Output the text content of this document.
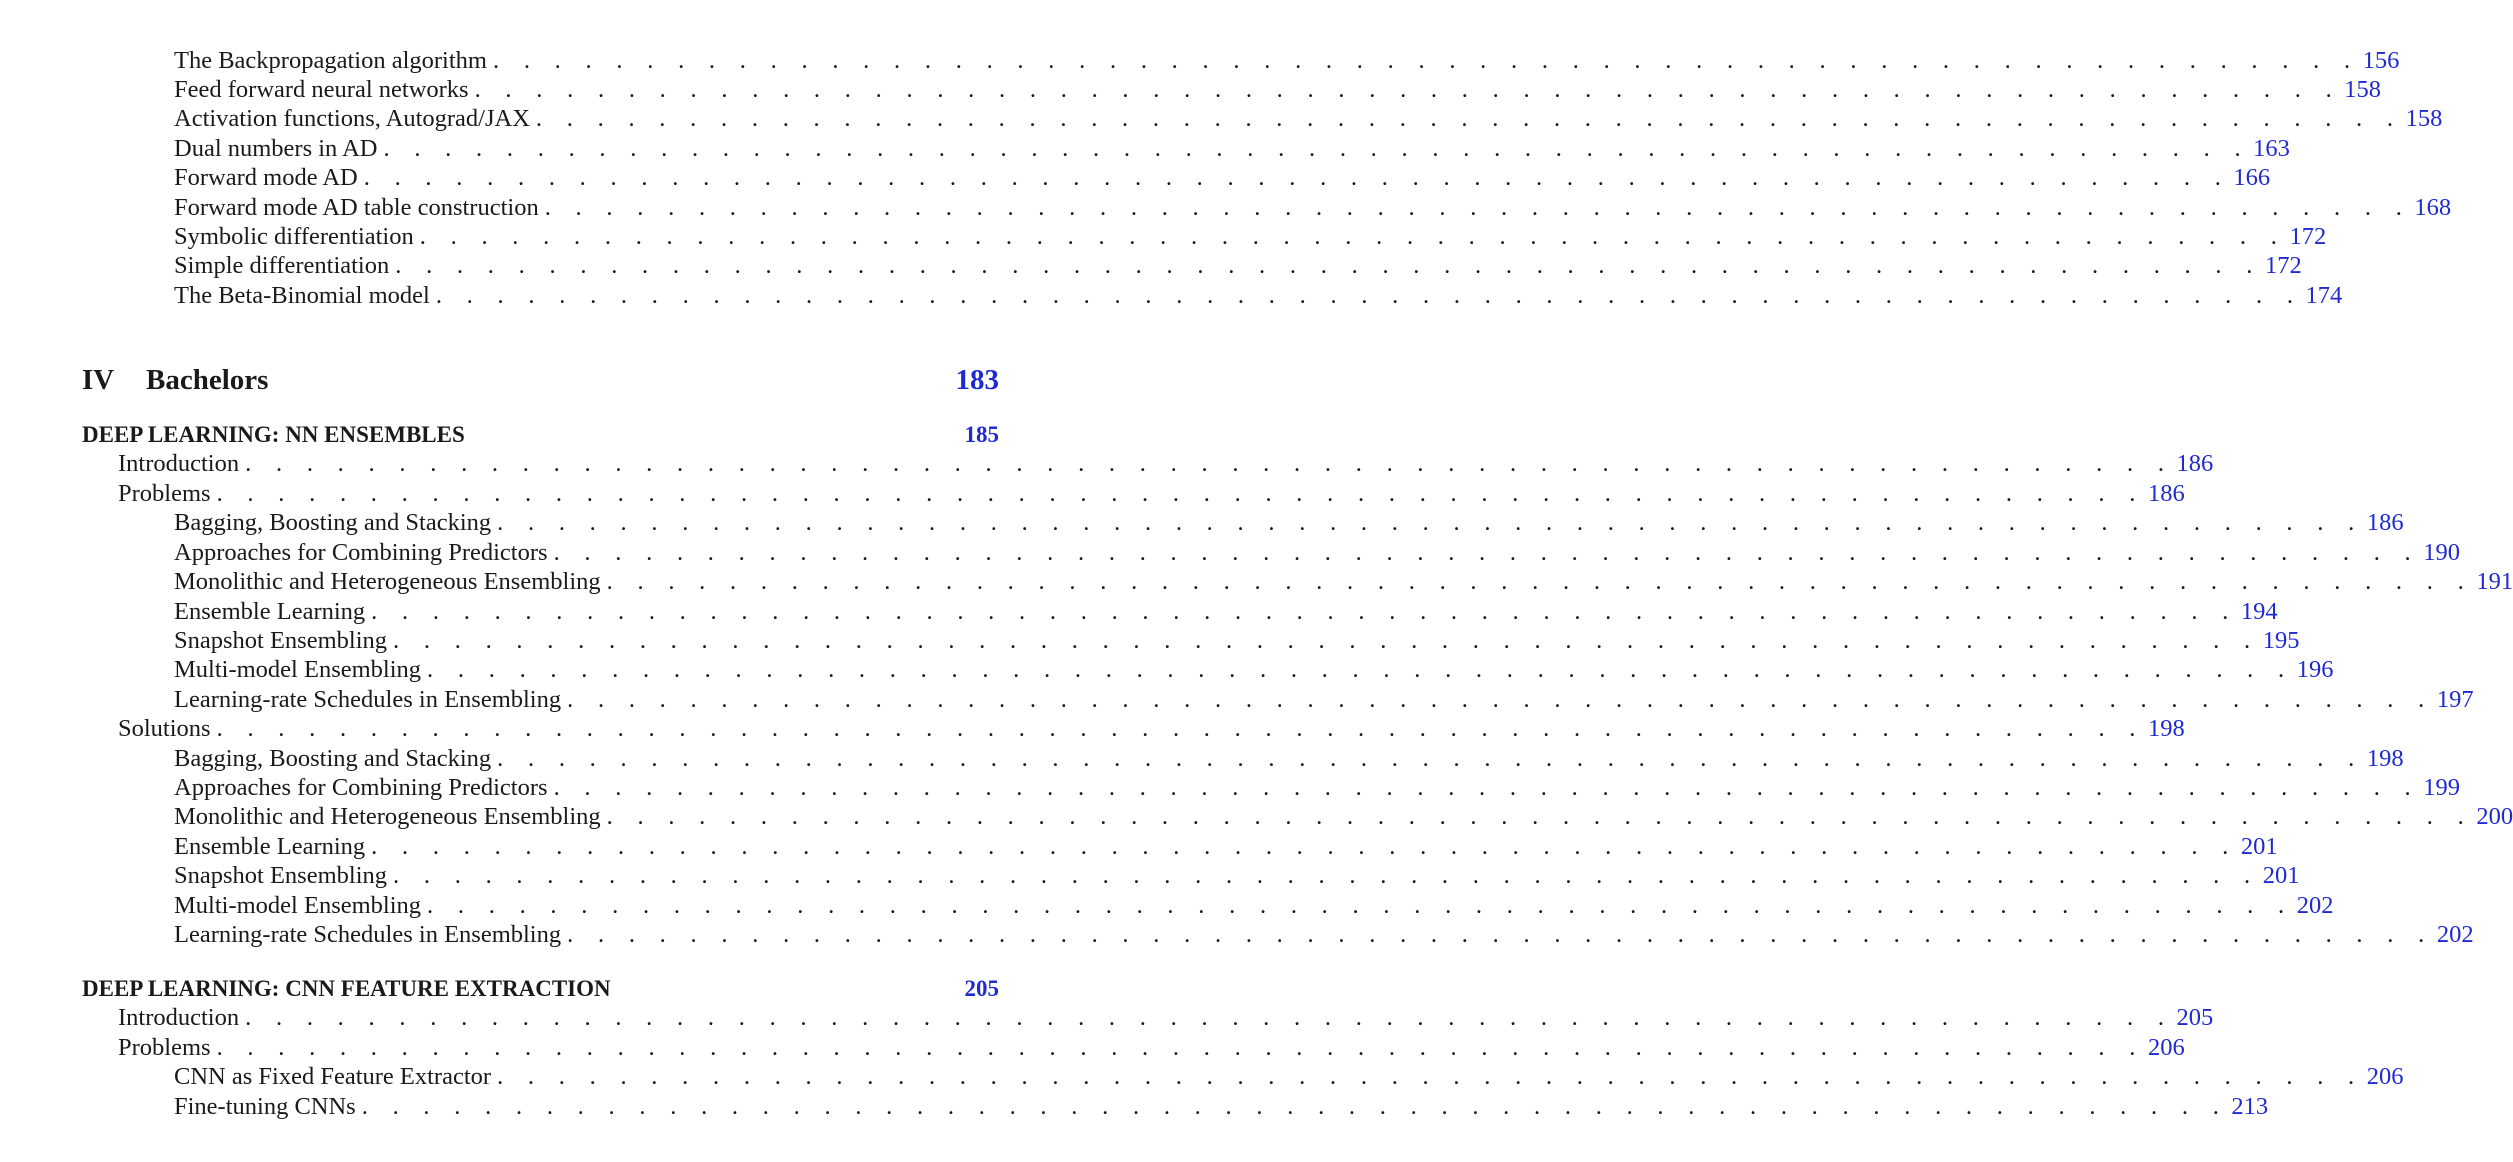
The Backpropagation algorithm . . . . . . . . . . . . . . . . . . . . . . . . . . . . . . . . . . . . . . . . . . . . . . . . . . . . . . . . . . . . . 156
Feed forward neural networks . . . . . . . . . . . . . . . . . . . . . . . . . . . . . . . . . . . . . . . . . . . . . . . . . . . . . . . . . . . . . 158
Activation functions, Autograd/JAX . . . . . . . . . . . . . . . . . . . . . . . . . . . . . . . . . . . . . . . . . . . . . . . . . . . . . . . . . . . . . 158
Dual numbers in AD . . . . . . . . . . . . . . . . . . . . . . . . . . . . . . . . . . . . . . . . . . . . . . . . . . . . . . . . . . . . . 163
Forward mode AD . . . . . . . . . . . . . . . . . . . . . . . . . . . . . . . . . . . . . . . . . . . . . . . . . . . . . . . . . . . . . 166
Forward mode AD table construction . . . . . . . . . . . . . . . . . . . . . . . . . . . . . . . . . . . . . . . . . . . . . . . . . . . . . . . . . . . . . 168
Symbolic differentiation . . . . . . . . . . . . . . . . . . . . . . . . . . . . . . . . . . . . . . . . . . . . . . . . . . . . . . . . . . . . . 172
Simple differentiation . . . . . . . . . . . . . . . . . . . . . . . . . . . . . . . . . . . . . . . . . . . . . . . . . . . . . . . . . . . . . 172
The Beta-Binomial model . . . . . . . . . . . . . . . . . . . . . . . . . . . . . . . . . . . . . . . . . . . . . . . . . . . . . . . . . . . . . 174
IV	Bachelors	183
DEEP LEARNING: NN ENSEMBLES	185
Introduction . . . . . . . . . . . . . . . . . . . . . . . . . . . . . . . . . . . . . . . . . . . . . . . . . . . . . . . . . . . . . . . 186
Problems . . . . . . . . . . . . . . . . . . . . . . . . . . . . . . . . . . . . . . . . . . . . . . . . . . . . . . . . . . . . . . . 186
Bagging, Boosting and Stacking . . . . . . . . . . . . . . . . . . . . . . . . . . . . . . . . . . . . . . . . . . . . . . . . . . . . . . . . . . . . . 186
Approaches for Combining Predictors . . . . . . . . . . . . . . . . . . . . . . . . . . . . . . . . . . . . . . . . . . . . . . . . . . . . . . . . . . . . . 190
Monolithic and Heterogeneous Ensembling . . . . . . . . . . . . . . . . . . . . . . . . . . . . . . . . . . . . . . . . . . . . . . . . . . . . . . . . . . . . . 191
Ensemble Learning . . . . . . . . . . . . . . . . . . . . . . . . . . . . . . . . . . . . . . . . . . . . . . . . . . . . . . . . . . . . . 194
Snapshot Ensembling . . . . . . . . . . . . . . . . . . . . . . . . . . . . . . . . . . . . . . . . . . . . . . . . . . . . . . . . . . . . . 195
Multi-model Ensembling . . . . . . . . . . . . . . . . . . . . . . . . . . . . . . . . . . . . . . . . . . . . . . . . . . . . . . . . . . . . . 196
Learning-rate Schedules in Ensembling . . . . . . . . . . . . . . . . . . . . . . . . . . . . . . . . . . . . . . . . . . . . . . . . . . . . . . . . . . . . . 197
Solutions . . . . . . . . . . . . . . . . . . . . . . . . . . . . . . . . . . . . . . . . . . . . . . . . . . . . . . . . . . . . . . . 198
Bagging, Boosting and Stacking . . . . . . . . . . . . . . . . . . . . . . . . . . . . . . . . . . . . . . . . . . . . . . . . . . . . . . . . . . . . . 198
Approaches for Combining Predictors . . . . . . . . . . . . . . . . . . . . . . . . . . . . . . . . . . . . . . . . . . . . . . . . . . . . . . . . . . . . . 199
Monolithic and Heterogeneous Ensembling . . . . . . . . . . . . . . . . . . . . . . . . . . . . . . . . . . . . . . . . . . . . . . . . . . . . . . . . . . . . . 200
Ensemble Learning . . . . . . . . . . . . . . . . . . . . . . . . . . . . . . . . . . . . . . . . . . . . . . . . . . . . . . . . . . . . . 201
Snapshot Ensembling . . . . . . . . . . . . . . . . . . . . . . . . . . . . . . . . . . . . . . . . . . . . . . . . . . . . . . . . . . . . . 201
Multi-model Ensembling . . . . . . . . . . . . . . . . . . . . . . . . . . . . . . . . . . . . . . . . . . . . . . . . . . . . . . . . . . . . . 202
Learning-rate Schedules in Ensembling . . . . . . . . . . . . . . . . . . . . . . . . . . . . . . . . . . . . . . . . . . . . . . . . . . . . . . . . . . . . . 202
DEEP LEARNING: CNN FEATURE EXTRACTION	205
Introduction . . . . . . . . . . . . . . . . . . . . . . . . . . . . . . . . . . . . . . . . . . . . . . . . . . . . . . . . . . . . . . . 205
Problems . . . . . . . . . . . . . . . . . . . . . . . . . . . . . . . . . . . . . . . . . . . . . . . . . . . . . . . . . . . . . . . 206
CNN as Fixed Feature Extractor . . . . . . . . . . . . . . . . . . . . . . . . . . . . . . . . . . . . . . . . . . . . . . . . . . . . . . . . . . . . . 206
Fine-tuning CNNs . . . . . . . . . . . . . . . . . . . . . . . . . . . . . . . . . . . . . . . . . . . . . . . . . . . . . . . . . . . . . 213
